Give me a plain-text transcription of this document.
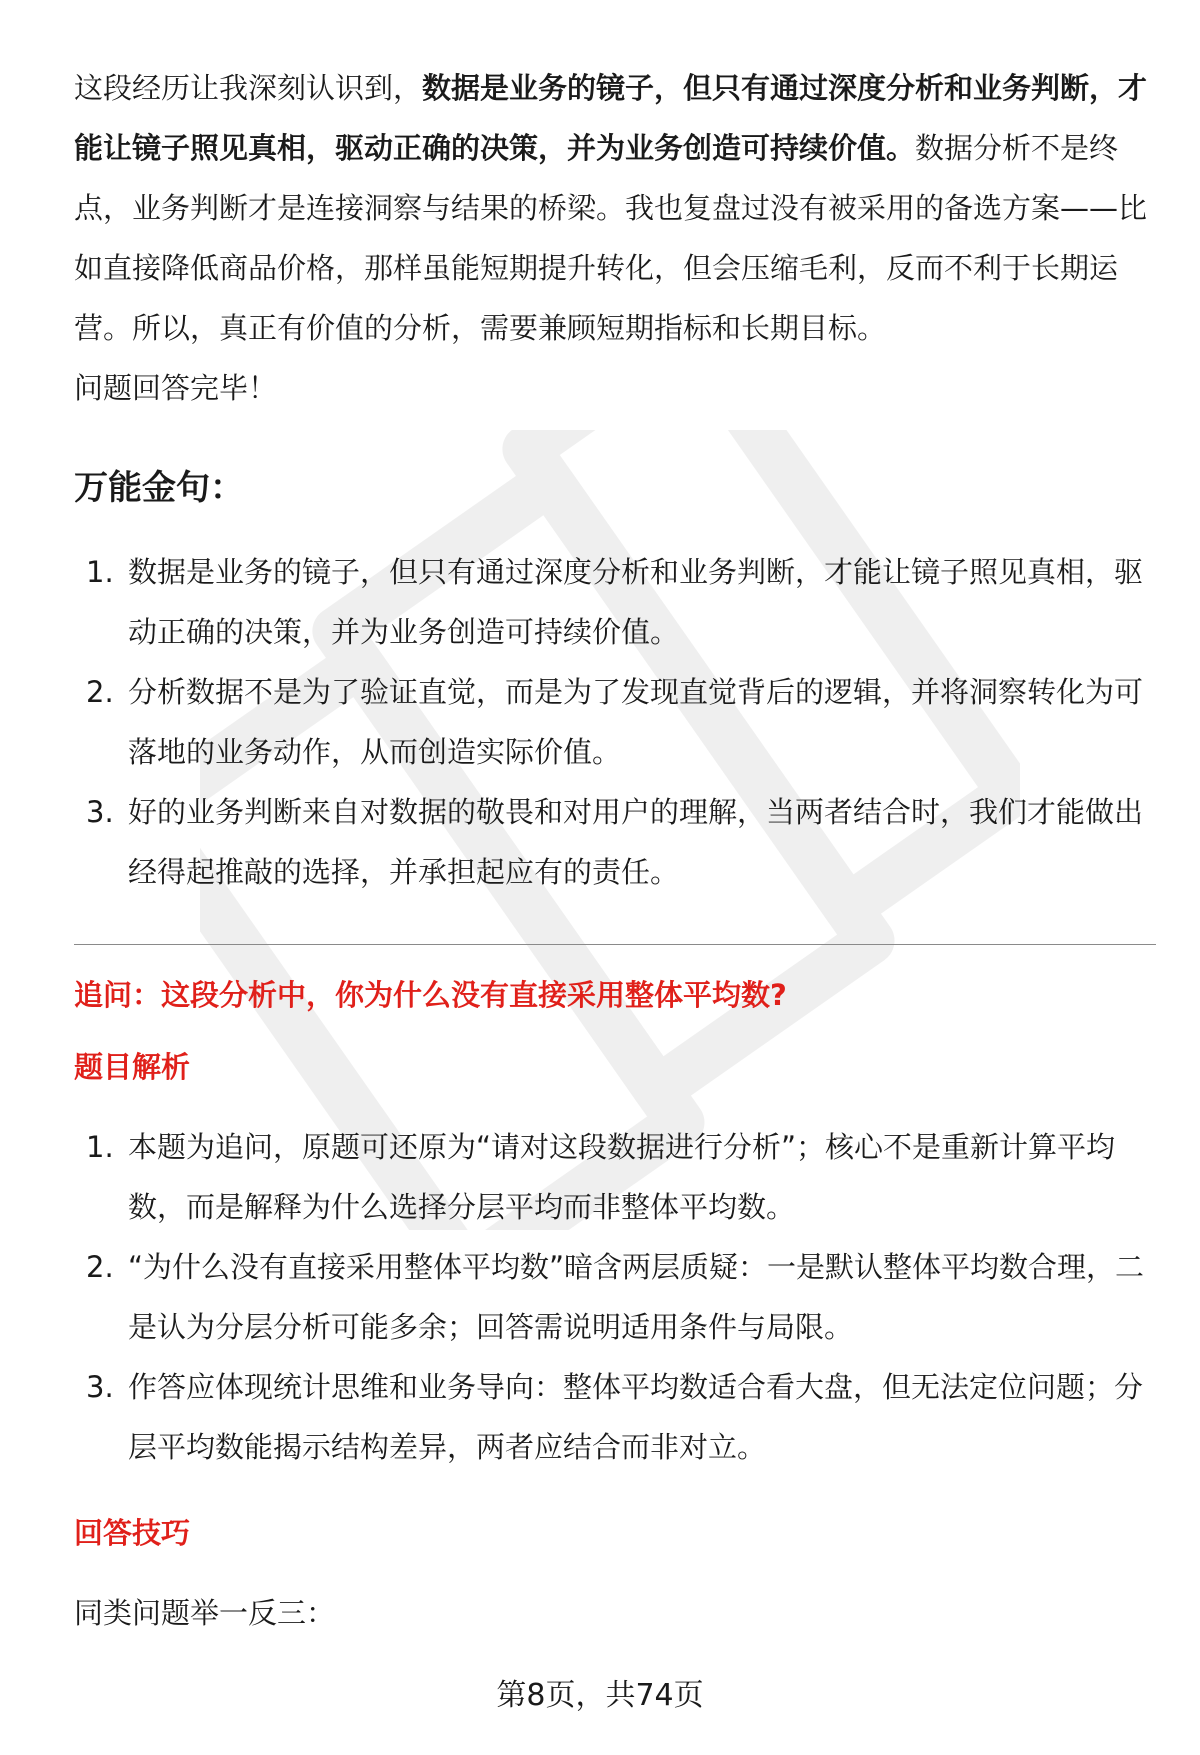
这段经历让我深刻认识到，数据是业务的镜子，但只有通过深度分析和业务判断，才能让镜子照见真相，驱动正确的决策，并为业务创造可持续价值。数据分析不是终点，业务判断才是连接洞察与结果的桥梁。我也复盘过没有被采用的备选方案——比如直接降低商品价格，那样虽能短期提升转化，但会压缩毛利，反而不利于长期运营。所以，真正有价值的分析，需要兼顾短期指标和长期目标。

问题回答完毕！

万能金句：
1. 数据是业务的镜子，但只有通过深度分析和业务判断，才能让镜子照见真相，驱动正确的决策，并为业务创造可持续价值。
2. 分析数据不是为了验证直觉，而是为了发现直觉背后的逻辑，并将洞察转化为可落地的业务动作，从而创造实际价值。
3. 好的业务判断来自对数据的敬畏和对用户的理解，当两者结合时，我们才能做出经得起推敲的选择，并承担起应有的责任。

追问：这段分析中，你为什么没有直接采用整体平均数?

题目解析

1. 本题为追问，原题可还原为“请对这段数据进行分析”；核心不是重新计算平均数，而是解释为什么选择分层平均而非整体平均数。
2. “为什么没有直接采用整体平均数”暗含两层质疑：一是默认整体平均数合理，二是认为分层分析可能多余；回答需说明适用条件与局限。
3. 作答应体现统计思维和业务导向：整体平均数适合看大盘，但无法定位问题；分层平均数能揭示结构差异，两者应结合而非对立。

回答技巧

同类问题举一反三：

第8页，共74页
